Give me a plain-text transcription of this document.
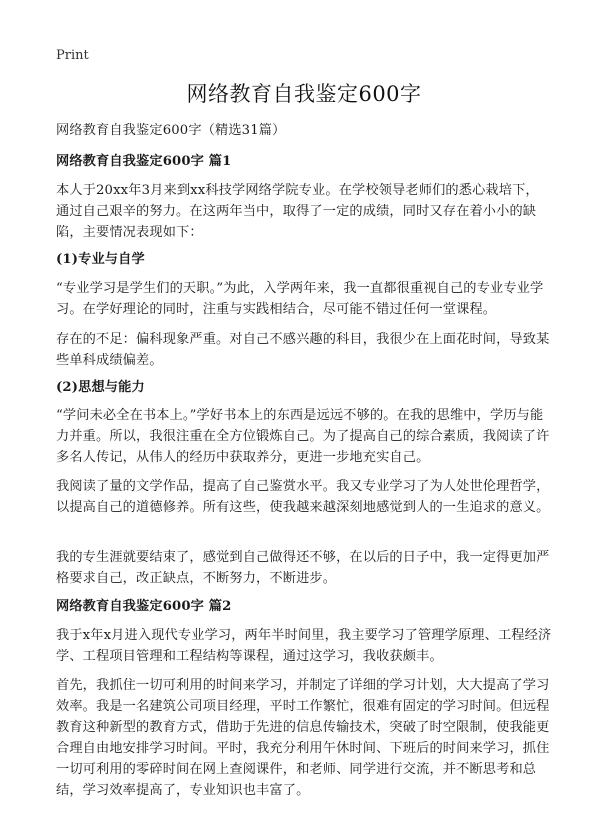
Print
网络教育自我鉴定600字

网络教育自我鉴定600字（精选31篇）

网络教育自我鉴定600字 篇1

本人于20xx年3月来到xx科技学网络学院专业。在学校领导老师们的悉心栽培下，通过自己艰辛的努力。在这两年当中，取得了一定的成绩，同时又存在着小小的缺陷，主要情况表现如下：

(1)专业与自学

“专业学习是学生们的天职。”为此，入学两年来，我一直都很重视自己的专业专业学习。在学好理论的同时，注重与实践相结合，尽可能不错过任何一堂课程。

存在的不足：偏科现象严重。对自己不感兴趣的科目，我很少在上面花时间，导致某些单科成绩偏差。

(2)思想与能力

“学问未必全在书本上。”学好书本上的东西是远远不够的。在我的思维中，学历与能力并重。所以，我很注重在全方位锻炼自己。为了提高自己的综合素质，我阅读了许多名人传记，从伟人的经历中获取养分，更进一步地充实自己。

我阅读了量的文学作品，提高了自己鉴赏水平。我又专业学习了为人处世伦理哲学，以提高自己的道德修养。所有这些，使我越来越深刻地感觉到人的一生追求的意义。

我的专生涯就要结束了，感觉到自己做得还不够，在以后的日子中，我一定得更加严格要求自己，改正缺点，不断努力，不断进步。

网络教育自我鉴定600字 篇2

我于x年x月进入现代专业学习，两年半时间里，我主要学习了管理学原理、工程经济学、工程项目管理和工程结构等课程，通过这学习，我收获颇丰。

首先，我抓住一切可利用的时间来学习，并制定了详细的学习计划，大大提高了学习效率。我是一名建筑公司项目经理，平时工作繁忙，很难有固定的学习时间。但远程教育这种新型的教育方式，借助于先进的信息传输技术，突破了时空限制，使我能更合理自由地安排学习时间。平时，我充分利用午休时间、下班后的时间来学习，抓住一切可利用的零碎时间在网上查阅课件，和老师、同学进行交流，并不断思考和总结，学习效率提高了，专业知识也丰富了。
